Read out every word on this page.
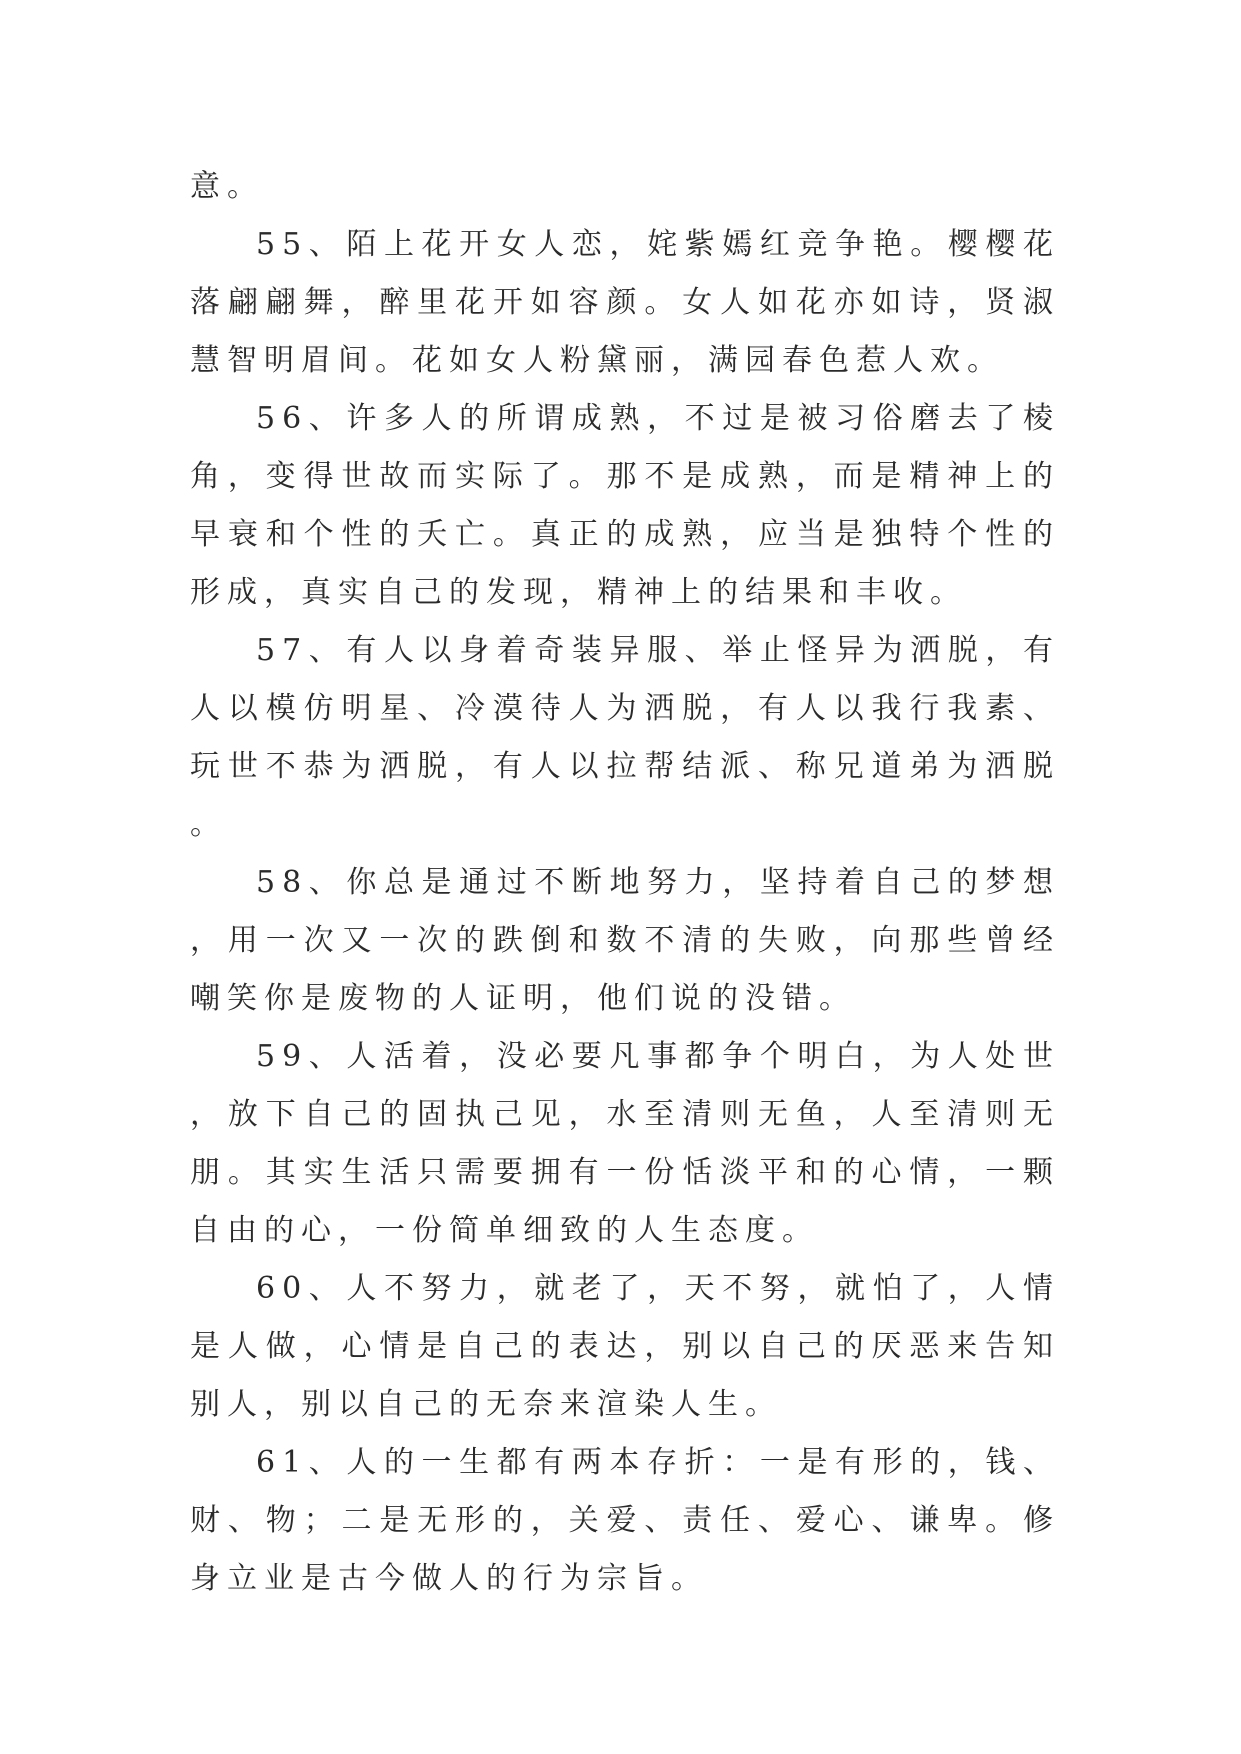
意。

55、陌上花开女人恋，姹紫嫣红竞争艳。樱樱花落翩翩舞，醉里花开如容颜。女人如花亦如诗，贤淑慧智明眉间。花如女人粉黛丽，满园春色惹人欢。

56、许多人的所谓成熟，不过是被习俗磨去了棱角，变得世故而实际了。那不是成熟，而是精神上的早衰和个性的夭亡。真正的成熟，应当是独特个性的形成，真实自己的发现，精神上的结果和丰收。

57、有人以身着奇装异服、举止怪异为洒脱，有人以模仿明星、冷漠待人为洒脱，有人以我行我素、玩世不恭为洒脱，有人以拉帮结派、称兄道弟为洒脱。

58、你总是通过不断地努力，坚持着自己的梦想，用一次又一次的跌倒和数不清的失败，向那些曾经嘲笑你是废物的人证明，他们说的没错。

59、人活着，没必要凡事都争个明白，为人处世，放下自己的固执己见，水至清则无鱼，人至清则无朋。其实生活只需要拥有一份恬淡平和的心情，一颗自由的心，一份简单细致的人生态度。

60、人不努力，就老了，天不努，就怕了，人情是人做，心情是自己的表达，别以自己的厌恶来告知别人，别以自己的无奈来渲染人生。

61、人的一生都有两本存折：一是有形的，钱、财、物；二是无形的，关爱、责任、爱心、谦卑。修身立业是古今做人的行为宗旨。
